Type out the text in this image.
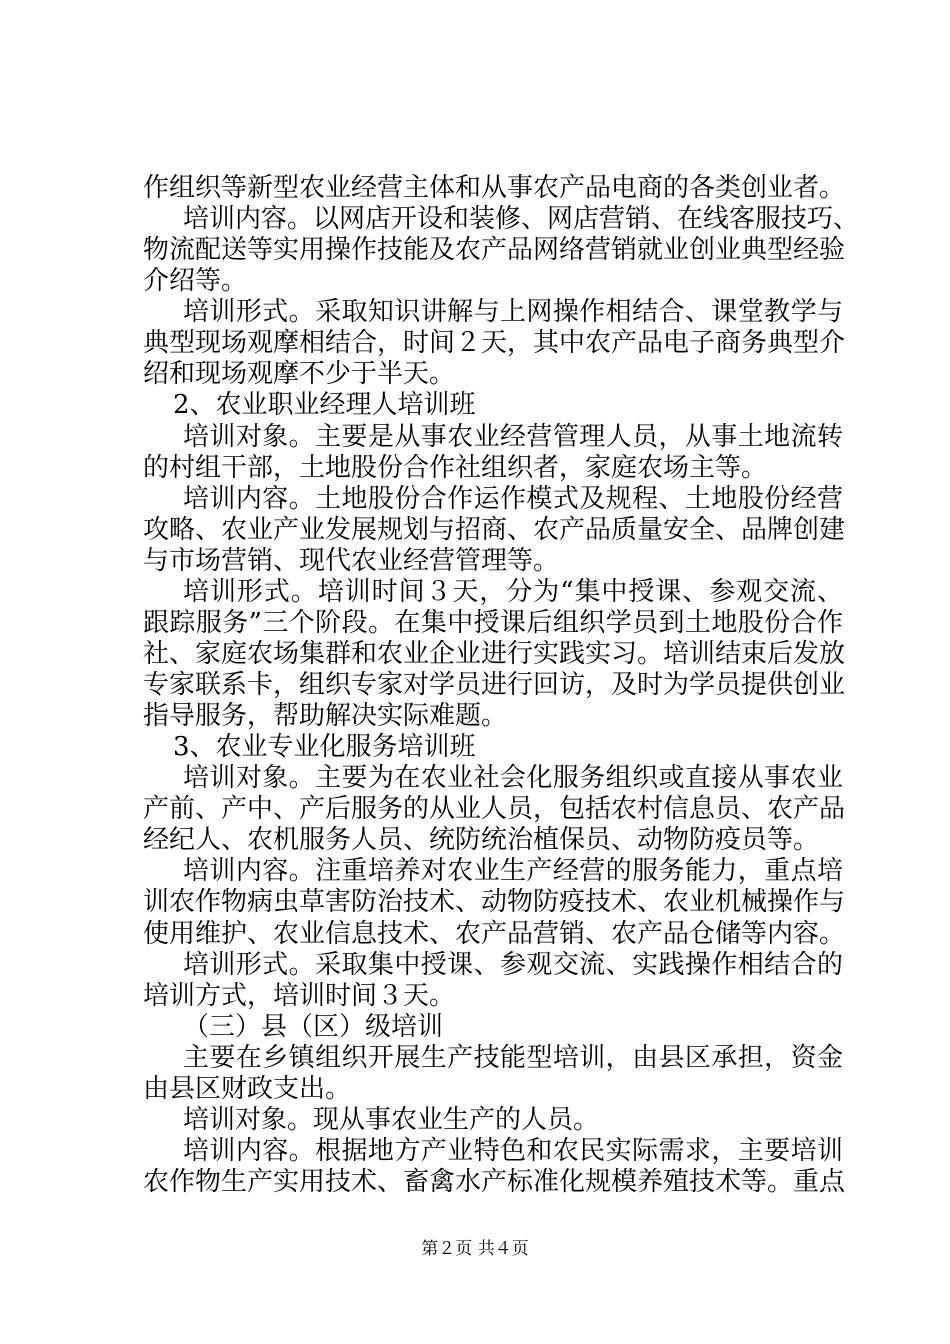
作组织等新型农业经营主体和从事农产品电商的各类创业者。
培训内容。以网店开设和装修、网店营销、在线客服技巧、
物流配送等实用操作技能及农产品网络营销就业创业典型经验
介绍等。
培训形式。采取知识讲解与上网操作相结合、课堂教学与
典型现场观摩相结合，时间２天，其中农产品电子商务典型介
绍和现场观摩不少于半天。
2、农业职业经理人培训班
培训对象。主要是从事农业经营管理人员，从事土地流转
的村组干部，土地股份合作社组织者，家庭农场主等。
培训内容。土地股份合作运作模式及规程、土地股份经营
攻略、农业产业发展规划与招商、农产品质量安全、品牌创建
与市场营销、现代农业经营管理等。
培训形式。培训时间３天，分为“集中授课、参观交流、
跟踪服务”三个阶段。在集中授课后组织学员到土地股份合作
社、家庭农场集群和农业企业进行实践实习。培训结束后发放
专家联系卡，组织专家对学员进行回访，及时为学员提供创业
指导服务，帮助解决实际难题。
3、农业专业化服务培训班
培训对象。主要为在农业社会化服务组织或直接从事农业
产前、产中、产后服务的从业人员，包括农村信息员、农产品
经纪人、农机服务人员、统防统治植保员、动物防疫员等。
培训内容。注重培养对农业生产经营的服务能力，重点培
训农作物病虫草害防治技术、动物防疫技术、农业机械操作与
使用维护、农业信息技术、农产品营销、农产品仓储等内容。
培训形式。采取集中授课、参观交流、实践操作相结合的
培训方式，培训时间３天。
（三）县（区）级培训
主要在乡镇组织开展生产技能型培训，由县区承担，资金
由县区财政支出。
培训对象。现从事农业生产的人员。
培训内容。根据地方产业特色和农民实际需求，主要培训
农作物生产实用技术、畜禽水产标准化规模养殖技术等。重点
第２页 共４页
